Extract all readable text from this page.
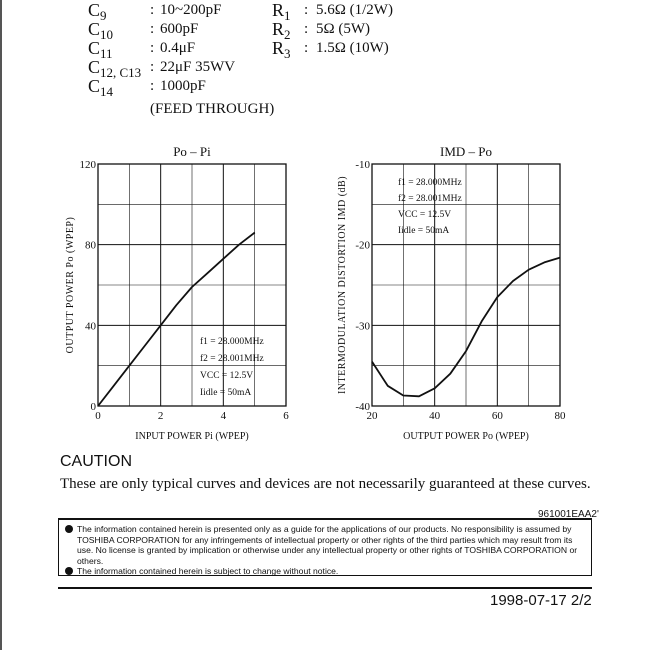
$C_9$	: 10~200pF
$C_{10}$	: 600pF
$C_{11}$	: 0.4μF
$C_{12, C13}$ : 22μF 35WV
$C_{14}$	: 1000pF
(FEED THROUGH)
$R_1$ : 5.6Ω (1/2W)
$R_2$ : 5Ω (5W)
$R_3$ : 1.5Ω (10W)
Po – Pi
0	2	4	6
0
40
80
120
INPUT POWER Pi (WPEP)
OUTPUT POWER Po (WPEP)	f1 = 28.000MHz
f2 = 28.001MHz
VCC = 12.5V
Iidle = 50mA
IMD – Po
20	40	60	80
-10
-20
-30
-40
OUTPUT POWER Po (WPEP)
INTERMODULATION DISTORTION IMD (dB)	f1 = 28.000MHz
f2 = 28.001MHz
VCC = 12.5V
Iidle = 50mA
CAUTION
These are only typical curves and devices are not necessarily guaranteed at these curves.
961001EAA2'
The information contained herein is presented only as a guide for the applications of our products. No responsibility is assumed by TOSHIBA CORPORATION for any infringements of intellectual property or other rights of the third parties which may result from its use. No license is granted by implication or otherwise under any intellectual property or other rights of TOSHIBA CORPORATION or others.
The information contained herein is subject to change without notice.
1998-07-17 2/2
